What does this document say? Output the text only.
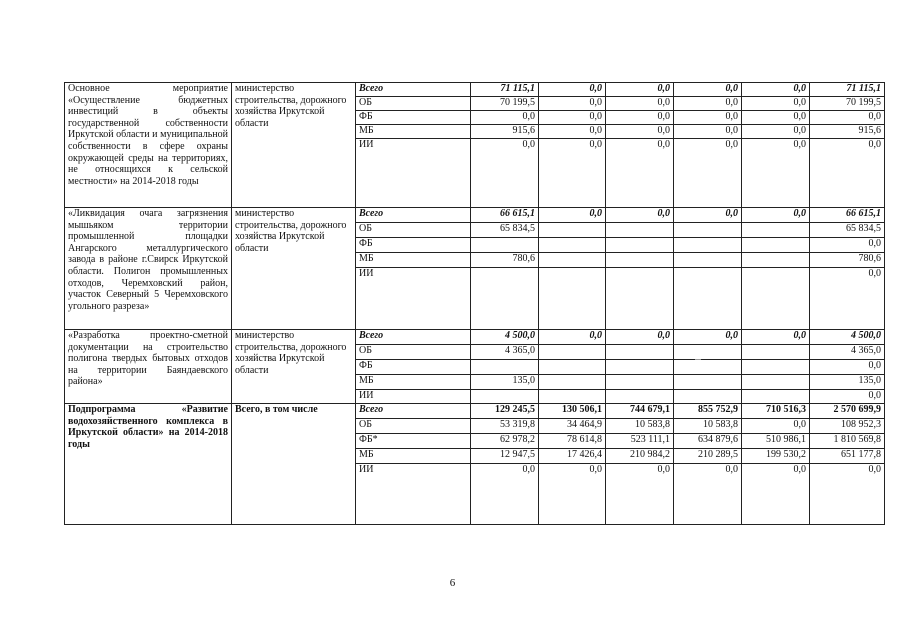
Основное мероприятие «Осуществление бюджетных инвестиций в объекты государственной собственности Иркутской области и муниципальной собственности в сфере охраны окружающей среды на территориях, не относящихся к сельской местности» на 2014-2018 годы	министерство строительства, дорожного хозяйства Иркутской области	Всего	71 115,1	0,0	0,0	0,0	0,0	71 115,1
		ОБ	70 199,5	0,0	0,0	0,0	0,0	70 199,5
		ФБ	0,0	0,0	0,0	0,0	0,0	0,0
		МБ	915,6	0,0	0,0	0,0	0,0	915,6
		ИИ	0,0	0,0	0,0	0,0	0,0	0,0
«Ликвидация очага загрязнения мышьяком территории промышленной площадки Ангарского металлургического завода в районе г.Свирск Иркутской области. Полигон промышленных отходов, Черемховский район, участок Северный 5 Черемховского угольного разреза»	министерство строительства, дорожного хозяйства Иркутской области	Всего	66 615,1	0,0	0,0	0,0	0,0	66 615,1
		ОБ	65 834,5					65 834,5
		ФБ						0,0
		МБ	780,6					780,6
		ИИ						0,0
«Разработка проектно-сметной документации на строительство полигона твердых бытовых отходов на территории Баяндаевского района»	министерство строительства, дорожного хозяйства Иркутской области	Всего	4 500,0	0,0	0,0	0,0	0,0	4 500,0
		ОБ	4 365,0					4 365,0
		ФБ						0,0
		МБ	135,0					135,0
		ИИ						0,0
Подпрограмма «Развитие водохозяйственного комплекса в Иркутской области» на 2014-2018 годы	Всего, в том числе	Всего	129 245,5	130 506,1	744 679,1	855 752,9	710 516,3	2 570 699,9
		ОБ	53 319,8	34 464,9	10 583,8	10 583,8	0,0	108 952,3
		ФБ*	62 978,2	78 614,8	523 111,1	634 879,6	510 986,1	1 810 569,8
		МБ	12 947,5	17 426,4	210 984,2	210 289,5	199 530,2	651 177,8
		ИИ	0,0	0,0	0,0	0,0	0,0	0,0
6
